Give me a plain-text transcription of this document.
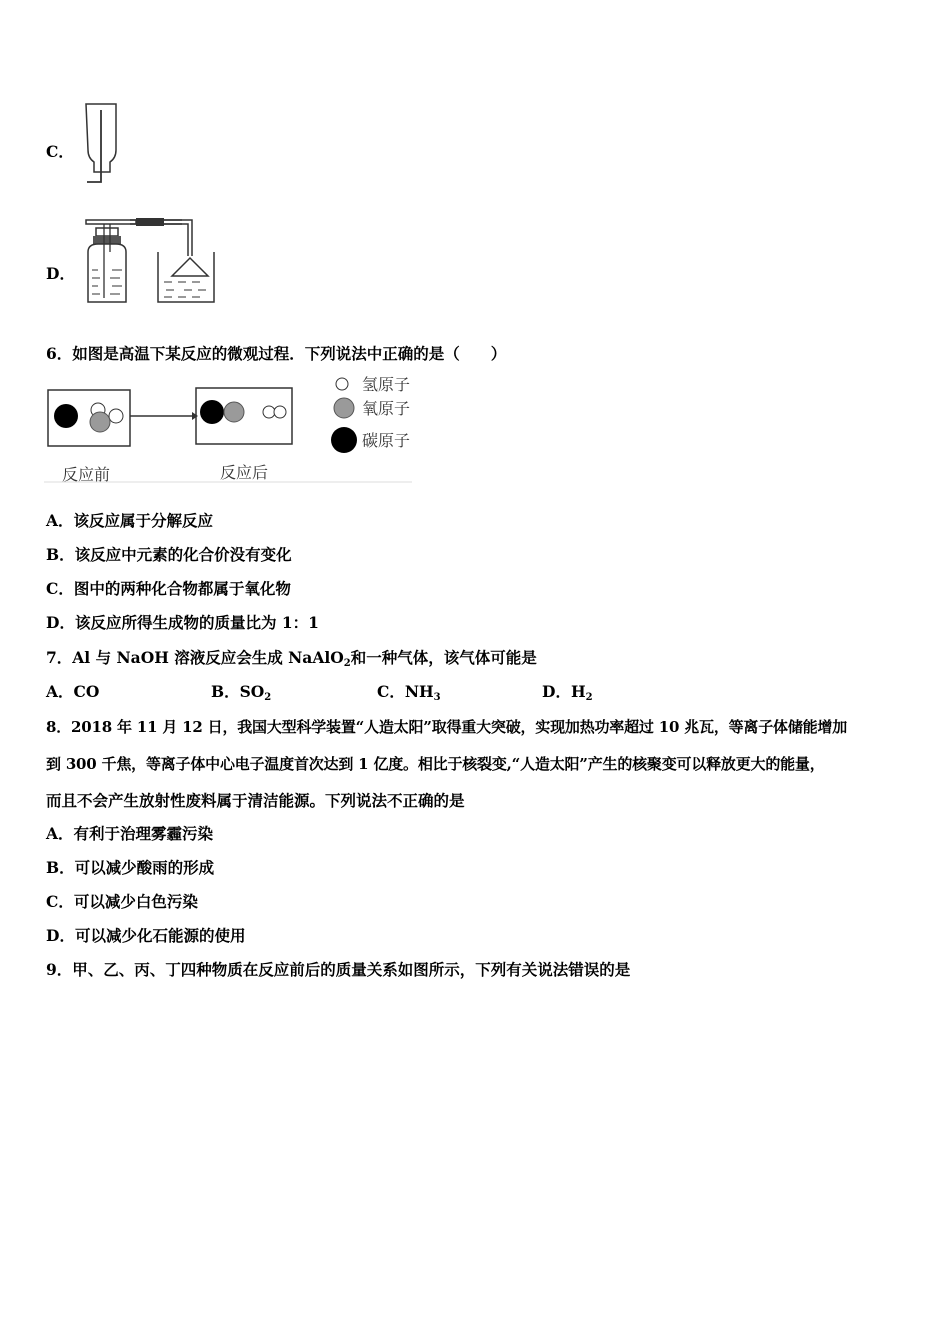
C．
D．
6．如图是高温下某反应的微观过程．下列说法中正确的是（　　）
反应前	反应后
氢原子
氧原子
碳原子
A．该反应属于分解反应
B．该反应中元素的化合价没有变化
C．图中的两种化合物都属于氧化物
D．该反应所得生成物的质量比为 1：1
7．Al 与 NaOH 溶液反应会生成 NaAlO$_2$和一种气体，该气体可能是
A．CO	B．$SO_2$	C．$NH_3$	D．$H_2$
8．2018 年 11 月 12 日，我国大型科学装置“人造太阳”取得重大突破，实现加热功率超过 10 兆瓦，等离子体储能增加
到 300 千焦，等离子体中心电子温度首次达到 1 亿度。相比于核裂变,“人造太阳”产生的核聚变可以释放更大的能量，
而且不会产生放射性废料属于清洁能源。下列说法不正确的是
A．有利于治理雾霾污染
B．可以减少酸雨的形成
C．可以减少白色污染
D．可以减少化石能源的使用
9．甲、乙、丙、丁四种物质在反应前后的质量关系如图所示，下列有关说法错误的是
